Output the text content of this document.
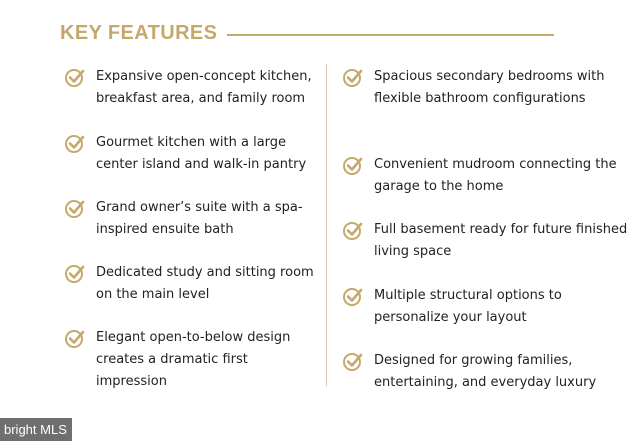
KEY FEATURES
Expansive open-concept kitchen, breakfast area, and family room
Gourmet kitchen with a large center island and walk-in pantry
Grand owner’s suite with a spa-inspired ensuite bath
Dedicated study and sitting room on the main level
Elegant open-to-below design creates a dramatic first impression
Spacious secondary bedrooms with flexible bathroom configurations
Convenient mudroom connecting the garage to the home
Full basement ready for future finished living space
Multiple structural options to personalize your layout
Designed for growing families, entertaining, and everyday luxury
bright MLS
